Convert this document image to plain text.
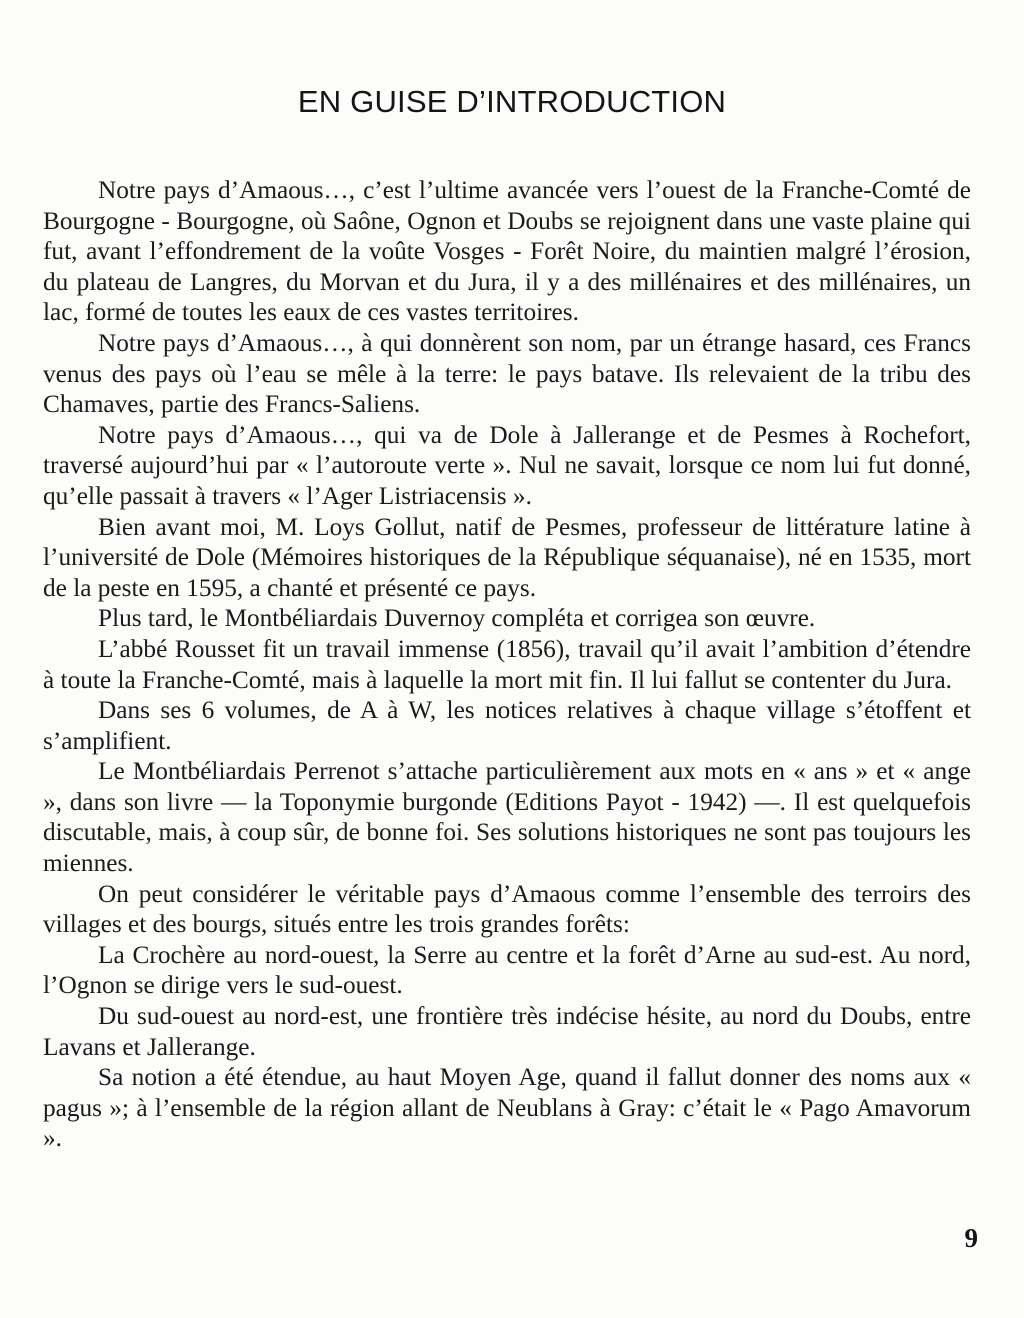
EN GUISE D’INTRODUCTION

Notre pays d’Amaous…, c’est l’ultime avancée vers l’ouest de la Franche-Comté de Bourgogne - Bourgogne, où Saône, Ognon et Doubs se rejoignent dans une vaste plaine qui fut, avant l’effondrement de la voûte Vosges - Forêt Noire, du maintien malgré l’érosion, du plateau de Langres, du Morvan et du Jura, il y a des millénaires et des millénaires, un lac, formé de toutes les eaux de ces vastes territoires.

Notre pays d’Amaous…, à qui donnèrent son nom, par un étrange hasard, ces Francs venus des pays où l’eau se mêle à la terre: le pays batave. Ils relevaient de la tribu des Chamaves, partie des Francs-Saliens.

Notre pays d’Amaous…, qui va de Dole à Jallerange et de Pesmes à Rochefort, traversé aujourd’hui par « l’autoroute verte ». Nul ne savait, lorsque ce nom lui fut donné, qu’elle passait à travers « l’Ager Listriacensis ».

Bien avant moi, M. Loys Gollut, natif de Pesmes, professeur de littérature latine à l’université de Dole (Mémoires historiques de la République séquanaise), né en 1535, mort de la peste en 1595, a chanté et présenté ce pays.

Plus tard, le Montbéliardais Duvernoy compléta et corrigea son œuvre.

L’abbé Rousset fit un travail immense (1856), travail qu’il avait l’ambition d’étendre à toute la Franche-Comté, mais à laquelle la mort mit fin. Il lui fallut se contenter du Jura.

Dans ses 6 volumes, de A à W, les notices relatives à chaque village s’étoffent et s’amplifient.

Le Montbéliardais Perrenot s’attache particulièrement aux mots en « ans » et « ange », dans son livre — la Toponymie burgonde (Editions Payot - 1942) —. Il est quelquefois discutable, mais, à coup sûr, de bonne foi. Ses solutions historiques ne sont pas toujours les miennes.

On peut considérer le véritable pays d’Amaous comme l’ensemble des terroirs des villages et des bourgs, situés entre les trois grandes forêts:

La Crochère au nord-ouest, la Serre au centre et la forêt d’Arne au sud-est. Au nord, l’Ognon se dirige vers le sud-ouest.

Du sud-ouest au nord-est, une frontière très indécise hésite, au nord du Doubs, entre Lavans et Jallerange.

Sa notion a été étendue, au haut Moyen Age, quand il fallut donner des noms aux « pagus »; à l’ensemble de la région allant de Neublans à Gray: c’était le « Pago Amavorum ».

9
